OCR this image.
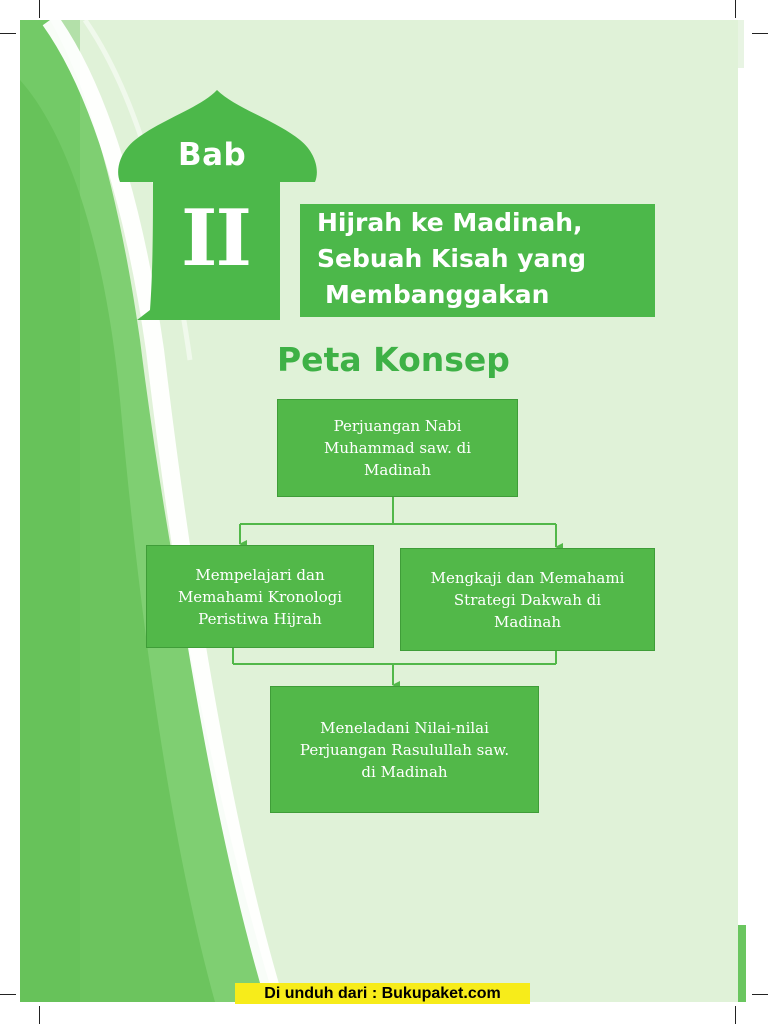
Bab
II	Hijrah ke Madinah,
Sebuah Kisah yang
Membanggakan
Peta Konsep
Perjuangan Nabi
Muhammad saw. di
Madinah
Mempelajari dan
Memahami Kronologi
Peristiwa Hijrah
Mengkaji dan Memahami
Strategi Dakwah di
Madinah
Meneladani Nilai-nilai
Perjuangan Rasulullah saw.
di Madinah
Di unduh dari : Bukupaket.com
